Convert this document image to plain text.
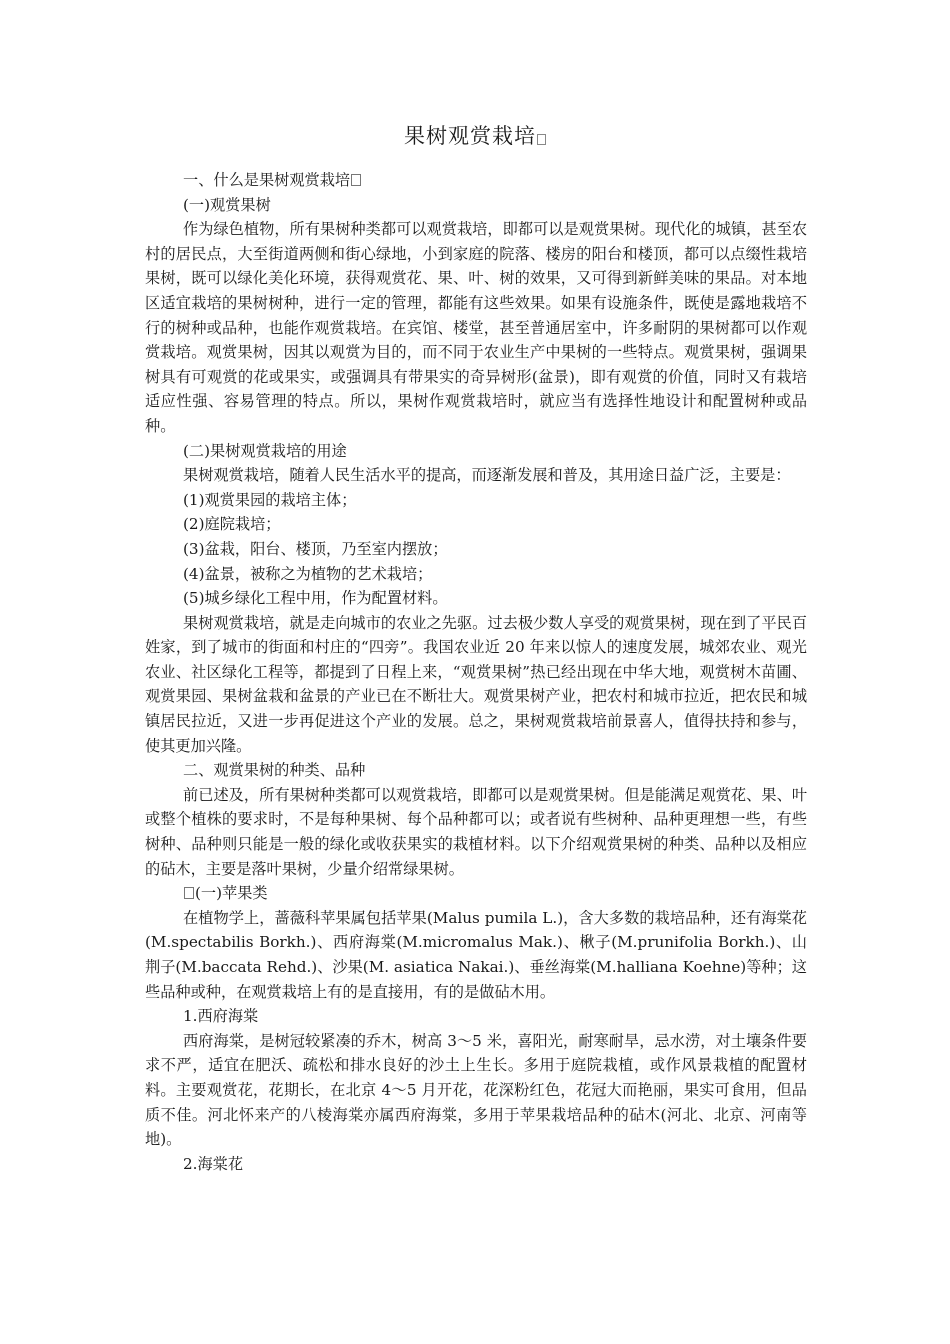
果树观赏栽培

一、什么是果树观赏栽培

(一)观赏果树

作为绿色植物，所有果树种类都可以观赏栽培，即都可以是观赏果树。现代化的城镇，甚至农村的居民点，大至街道两侧和街心绿地，小到家庭的院落、楼房的阳台和楼顶，都可以点缀性栽培果树，既可以绿化美化环境，获得观赏花、果、叶、树的效果，又可得到新鲜美味的果品。对本地区适宜栽培的果树树种，进行一定的管理，都能有这些效果。如果有设施条件，既使是露地栽培不行的树种或品种，也能作观赏栽培。在宾馆、楼堂，甚至普通居室中，许多耐阴的果树都可以作观赏栽培。观赏果树，因其以观赏为目的，而不同于农业生产中果树的一些特点。观赏果树，强调果树具有可观赏的花或果实，或强调具有带果实的奇异树形(盆景)，即有观赏的价值，同时又有栽培适应性强、容易管理的特点。所以，果树作观赏栽培时，就应当有选择性地设计和配置树种或品种。

(二)果树观赏栽培的用途

果树观赏栽培，随着人民生活水平的提高，而逐渐发展和普及，其用途日益广泛，主要是：

(1)观赏果园的栽培主体；

(2)庭院栽培；

(3)盆栽，阳台、楼顶，乃至室内摆放；

(4)盆景，被称之为植物的艺术栽培；

(5)城乡绿化工程中用，作为配置材料。

果树观赏栽培，就是走向城市的农业之先驱。过去极少数人享受的观赏果树，现在到了平民百姓家，到了城市的街面和村庄的“四旁”。我国农业近 20 年来以惊人的速度发展，城郊农业、观光农业、社区绿化工程等，都提到了日程上来，“观赏果树”热已经出现在中华大地，观赏树木苗圃、观赏果园、果树盆栽和盆景的产业已在不断壮大。观赏果树产业，把农村和城市拉近，把农民和城镇居民拉近，又进一步再促进这个产业的发展。总之，果树观赏栽培前景喜人，值得扶持和参与，使其更加兴隆。

二、观赏果树的种类、品种

前已述及，所有果树种类都可以观赏栽培，即都可以是观赏果树。但是能满足观赏花、果、叶或整个植株的要求时，不是每种果树、每个品种都可以；或者说有些树种、品种更理想一些，有些树种、品种则只能是一般的绿化或收获果实的栽植材料。以下介绍观赏果树的种类、品种以及相应的砧木，主要是落叶果树，少量介绍常绿果树。

(一)苹果类

在植物学上，蔷薇科苹果属包括苹果(Malus pumila L.)，含大多数的栽培品种，还有海棠花(M.spectabilis Borkh.)、西府海棠(M.micromalus Mak.)、楸子(M.prunifolia Borkh.)、山荆子(M.baccata Rehd.)、沙果(M. asiatica Nakai.)、垂丝海棠(M.halliana Koehne)等种；这些品种或种，在观赏栽培上有的是直接用，有的是做砧木用。

1.西府海棠

西府海棠，是树冠较紧凑的乔木，树高 3～5 米，喜阳光，耐寒耐旱，忌水涝，对土壤条件要求不严，适宜在肥沃、疏松和排水良好的沙土上生长。多用于庭院栽植，或作风景栽植的配置材料。主要观赏花，花期长，在北京 4～5 月开花，花深粉红色，花冠大而艳丽，果实可食用，但品质不佳。河北怀来产的八棱海棠亦属西府海棠，多用于苹果栽培品种的砧木(河北、北京、河南等地)。

2.海棠花
